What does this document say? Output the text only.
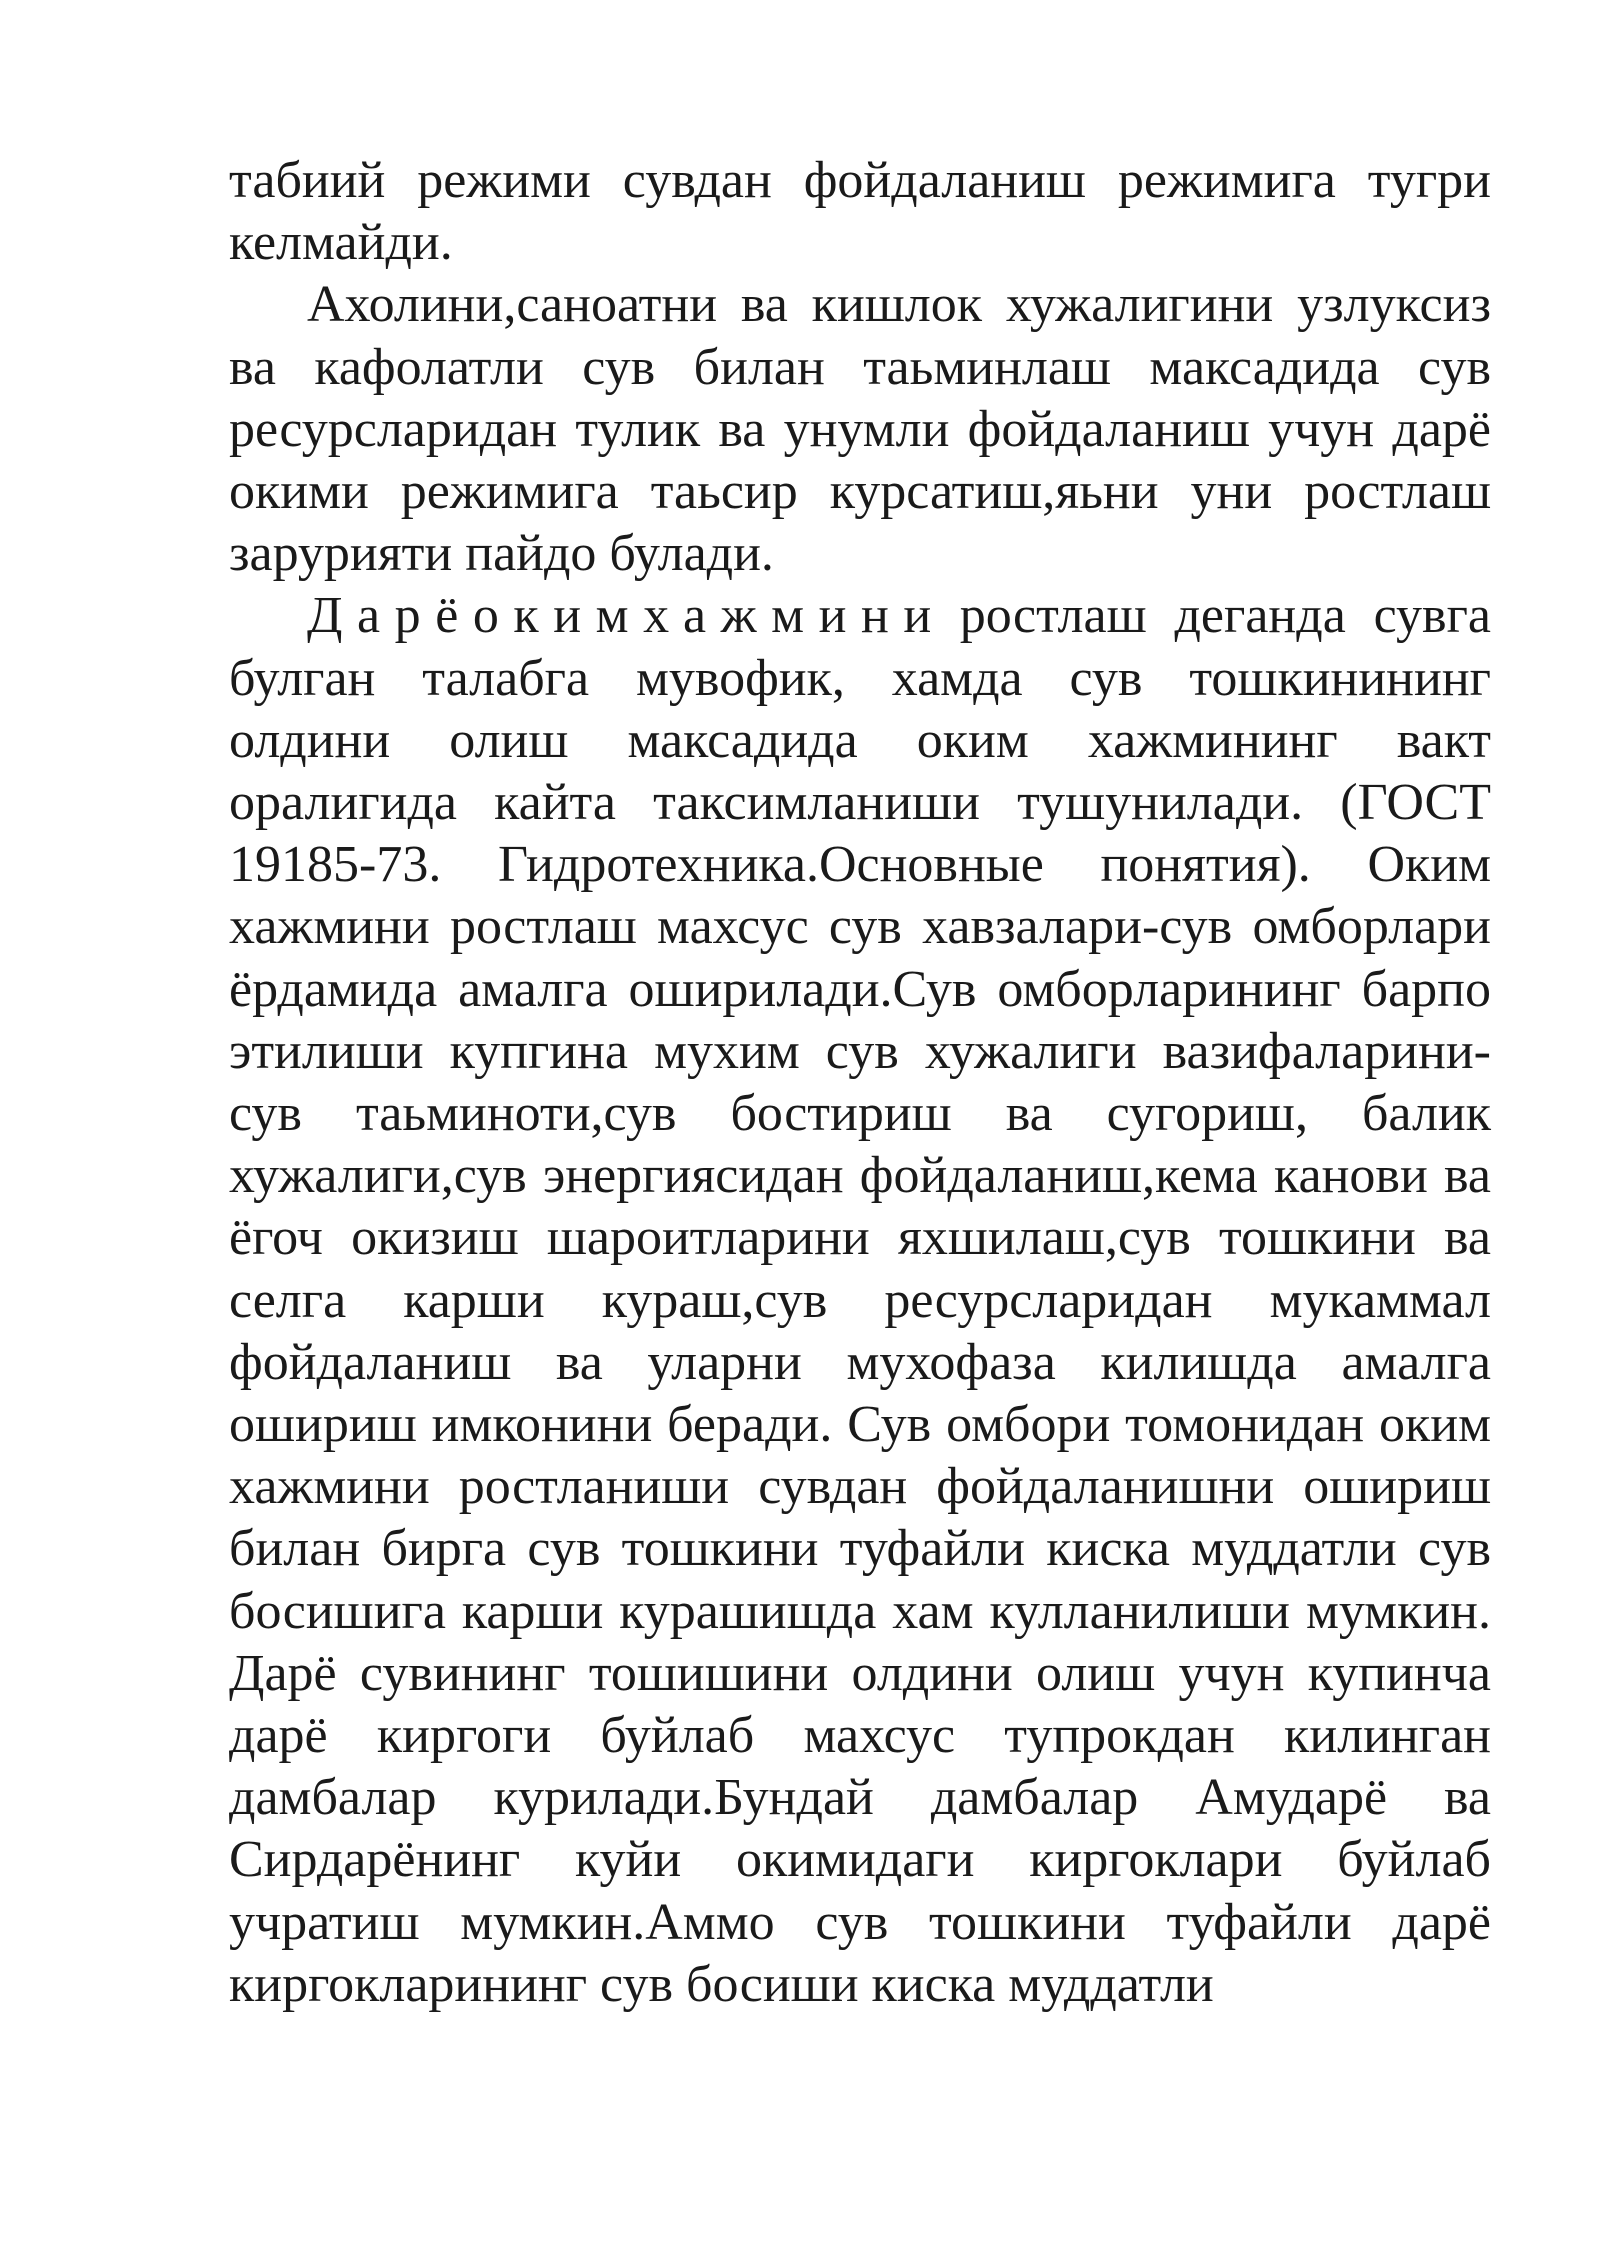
табиий режими сувдан фойдаланиш режимига тугри келмайди.

Ахолини,саноатни ва кишлок хужалигини узлуксиз ва кафолатли сув билан таьминлаш максадида сув ресурсларидан тулик ва унумли фойдаланиш учун дарё окими режимига таьсир курсатиш,яьни уни ростлаш зарурияти пайдо булади.

Дарёокимхажмини ростлаш деганда сувга булган талабга мувофик, хамда сув тошкинининг олдини олиш максадида оким хажмининг вакт оралигида кайта таксимланиши тушунилади. (ГОСТ 19185-73. Гидротехника.Основные понятия). Оким хажмини ростлаш махсус сув хавзалари-сув омборлари ёрдамида амалга оширилади.Сув омборларининг барпо этилиши купгина мухим сув хужалиги вазифаларини-сув таьминоти,сув бостириш ва сугориш, балик хужалиги,сув энергиясидан фойдаланиш,кема канови ва ёгоч окизиш шароитларини яхшилаш,сув тошкини ва селга карши кураш,сув ресурсларидан мукаммал фойдаланиш ва уларни мухофаза килишда амалга ошириш имконини беради. Сув омбори томонидан оким хажмини ростланиши сувдан фойдаланишни ошириш билан бирга сув тошкини туфайли киска муддатли сув босишига карши курашишда хам кулланилиши мумкин. Дарё сувининг тошишини олдини олиш учун купинча дарё киргоги буйлаб махсус тупрокдан килинган дамбалар курилади.Бундай дамбалар Амударё ва Сирдарёнинг куйи окимидаги киргоклари буйлаб учратиш мумкин.Аммо сув тошкини туфайли дарё киргокларининг сув босиши киска муддатли
